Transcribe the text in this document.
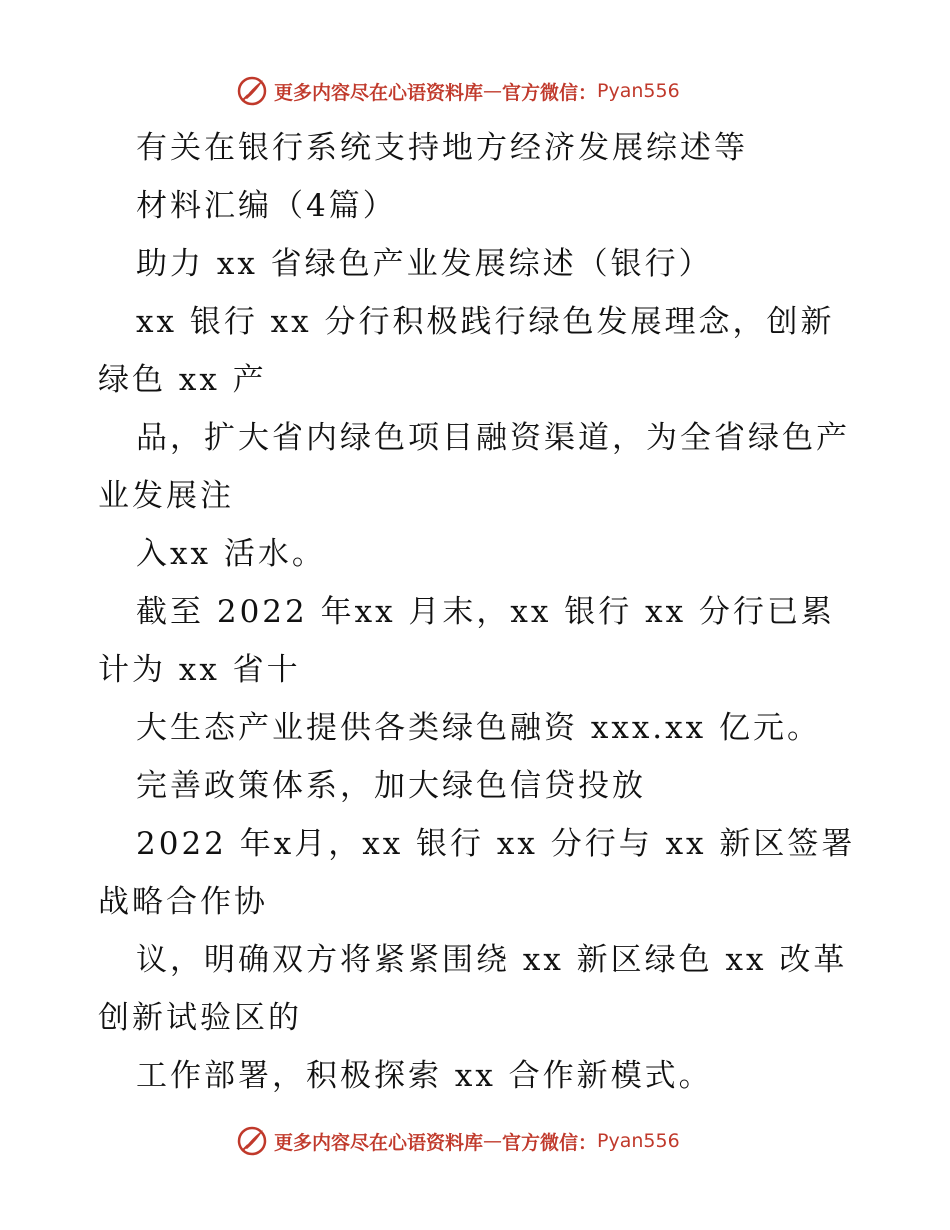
更多内容尽在心语资料库 — 官方微信： Pyan556
有关在银行系统支持地方经济发展综述等
材料汇编（4篇）
助力 xx 省绿色产业发展综述（银行）
xx 银行 xx 分行积极践行绿色发展理念，创新
绿色 xx 产
品，扩大省内绿色项目融资渠道，为全省绿色产
业发展注
入xx 活水。
截至 2022 年xx 月末，xx 银行 xx 分行已累
计为 xx 省十
大生态产业提供各类绿色融资 xxx.xx 亿元。
完善政策体系，加大绿色信贷投放
2022 年x月，xx 银行 xx 分行与 xx 新区签署
战略合作协
议，明确双方将紧紧围绕 xx 新区绿色 xx 改革
创新试验区的
工作部署，积极探索 xx 合作新模式。
更多内容尽在心语资料库 — 官方微信： Pyan556
